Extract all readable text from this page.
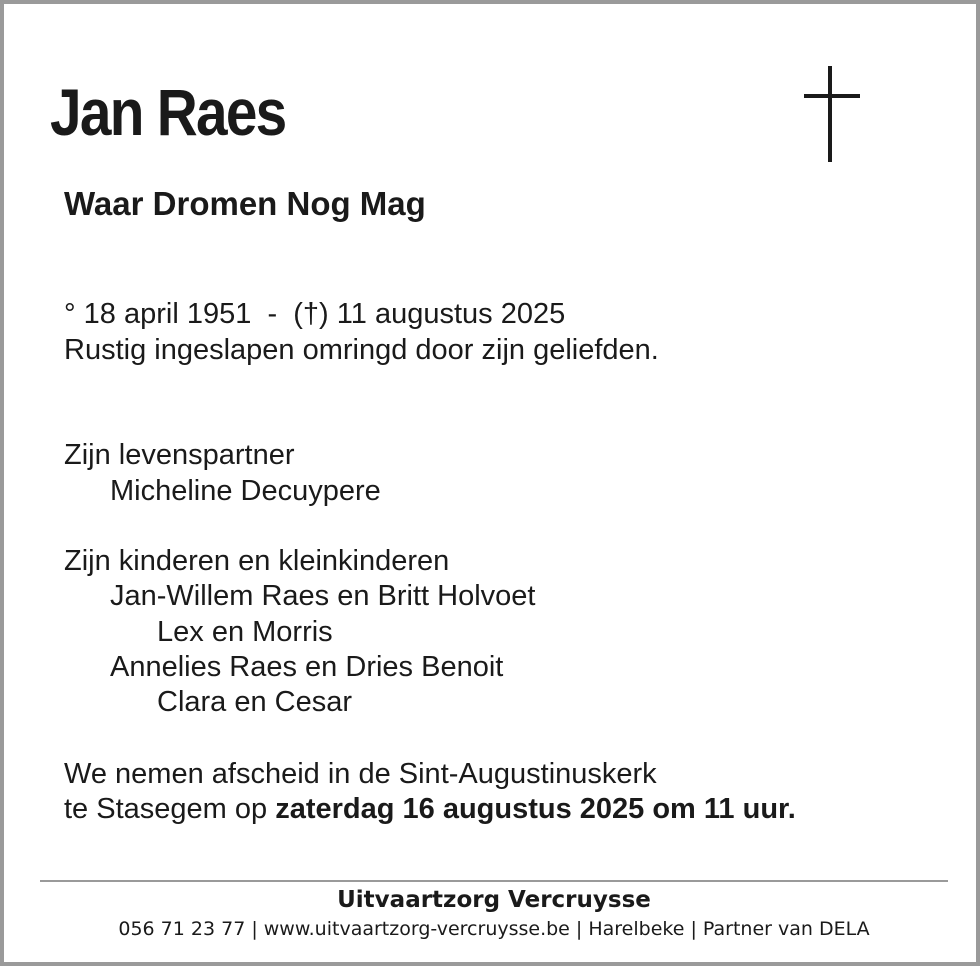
Jan Raes
Waar Dromen Nog Mag
° 18 april 1951 - (†) 11 augustus 2025
Rustig ingeslapen omringd door zijn geliefden.
Zijn levenspartner
Micheline Decuypere
Zijn kinderen en kleinkinderen
Jan-Willem Raes en Britt Holvoet
Lex en Morris
Annelies Raes en Dries Benoit
Clara en Cesar
We nemen afscheid in de Sint-Augustinuskerk
te Stasegem op zaterdag 16 augustus 2025 om 11 uur.
Uitvaartzorg Vercruysse
056 71 23 77 | www.uitvaartzorg-vercruysse.be | Harelbeke | Partner van DELA
